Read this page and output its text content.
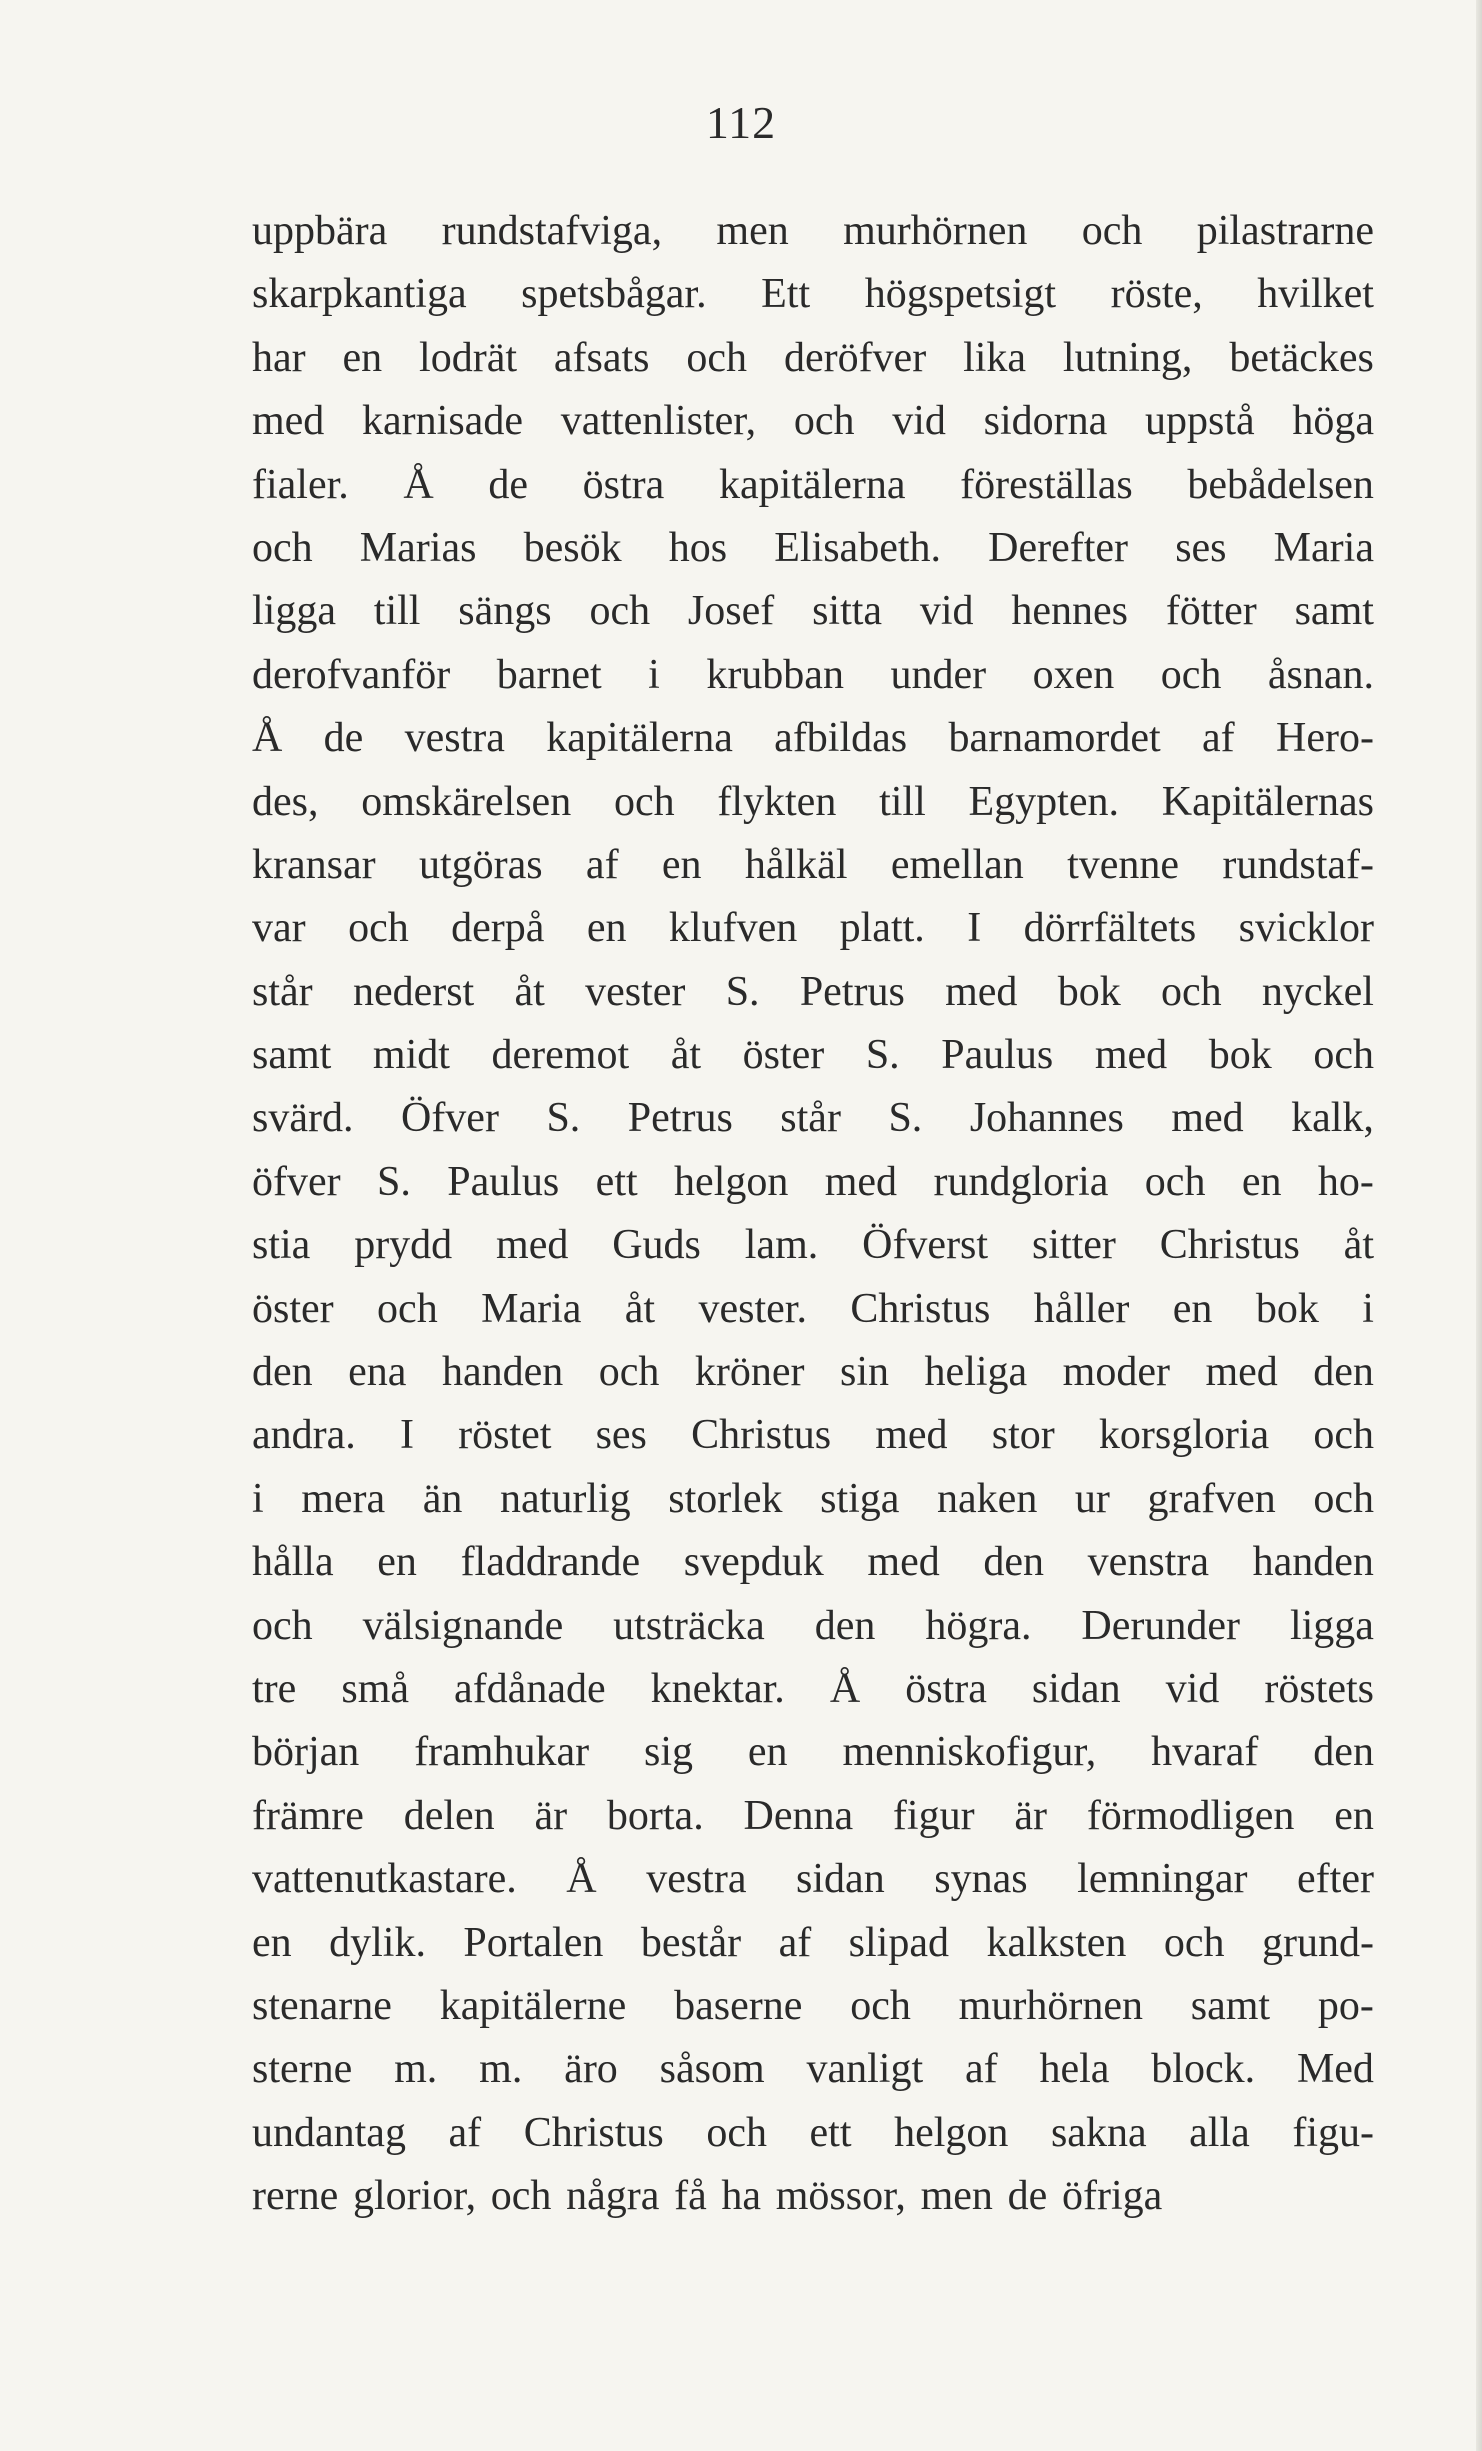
112
uppbära rundstafviga, men murhörnen och pilastrarne
skarpkantiga spetsbågar. Ett högspetsigt röste, hvilket
har en lodrät afsats och deröfver lika lutning, betäckes
med karnisade vattenlister, och vid sidorna uppstå höga
fialer. Å de östra kapitälerna föreställas bebådelsen
och Marias besök hos Elisabeth. Derefter ses Maria
ligga till sängs och Josef sitta vid hennes fötter samt
derofvanför barnet i krubban under oxen och åsnan.
Å de vestra kapitälerna afbildas barnamordet af Hero-
des, omskärelsen och flykten till Egypten. Kapitälernas
kransar utgöras af en hålkäl emellan tvenne rundstaf-
var och derpå en klufven platt. I dörrfältets svicklor
står nederst åt vester S. Petrus med bok och nyckel
samt midt deremot åt öster S. Paulus med bok och
svärd. Öfver S. Petrus står S. Johannes med kalk,
öfver S. Paulus ett helgon med rundgloria och en ho-
stia prydd med Guds lam. Öfverst sitter Christus åt
öster och Maria åt vester. Christus håller en bok i
den ena handen och kröner sin heliga moder med den
andra. I röstet ses Christus med stor korsgloria och
i mera än naturlig storlek stiga naken ur grafven och
hålla en fladdrande svepduk med den venstra handen
och välsignande utsträcka den högra. Derunder ligga
tre små afdånade knektar. Å östra sidan vid röstets
början framhukar sig en menniskofigur, hvaraf den
främre delen är borta. Denna figur är förmodligen en
vattenutkastare. Å vestra sidan synas lemningar efter
en dylik. Portalen består af slipad kalksten och grund-
stenarne kapitälerne baserne och murhörnen samt po-
sterne m. m. äro såsom vanligt af hela block. Med
undantag af Christus och ett helgon sakna alla figu-
rerne glorior, och några få ha mössor, men de öfriga
